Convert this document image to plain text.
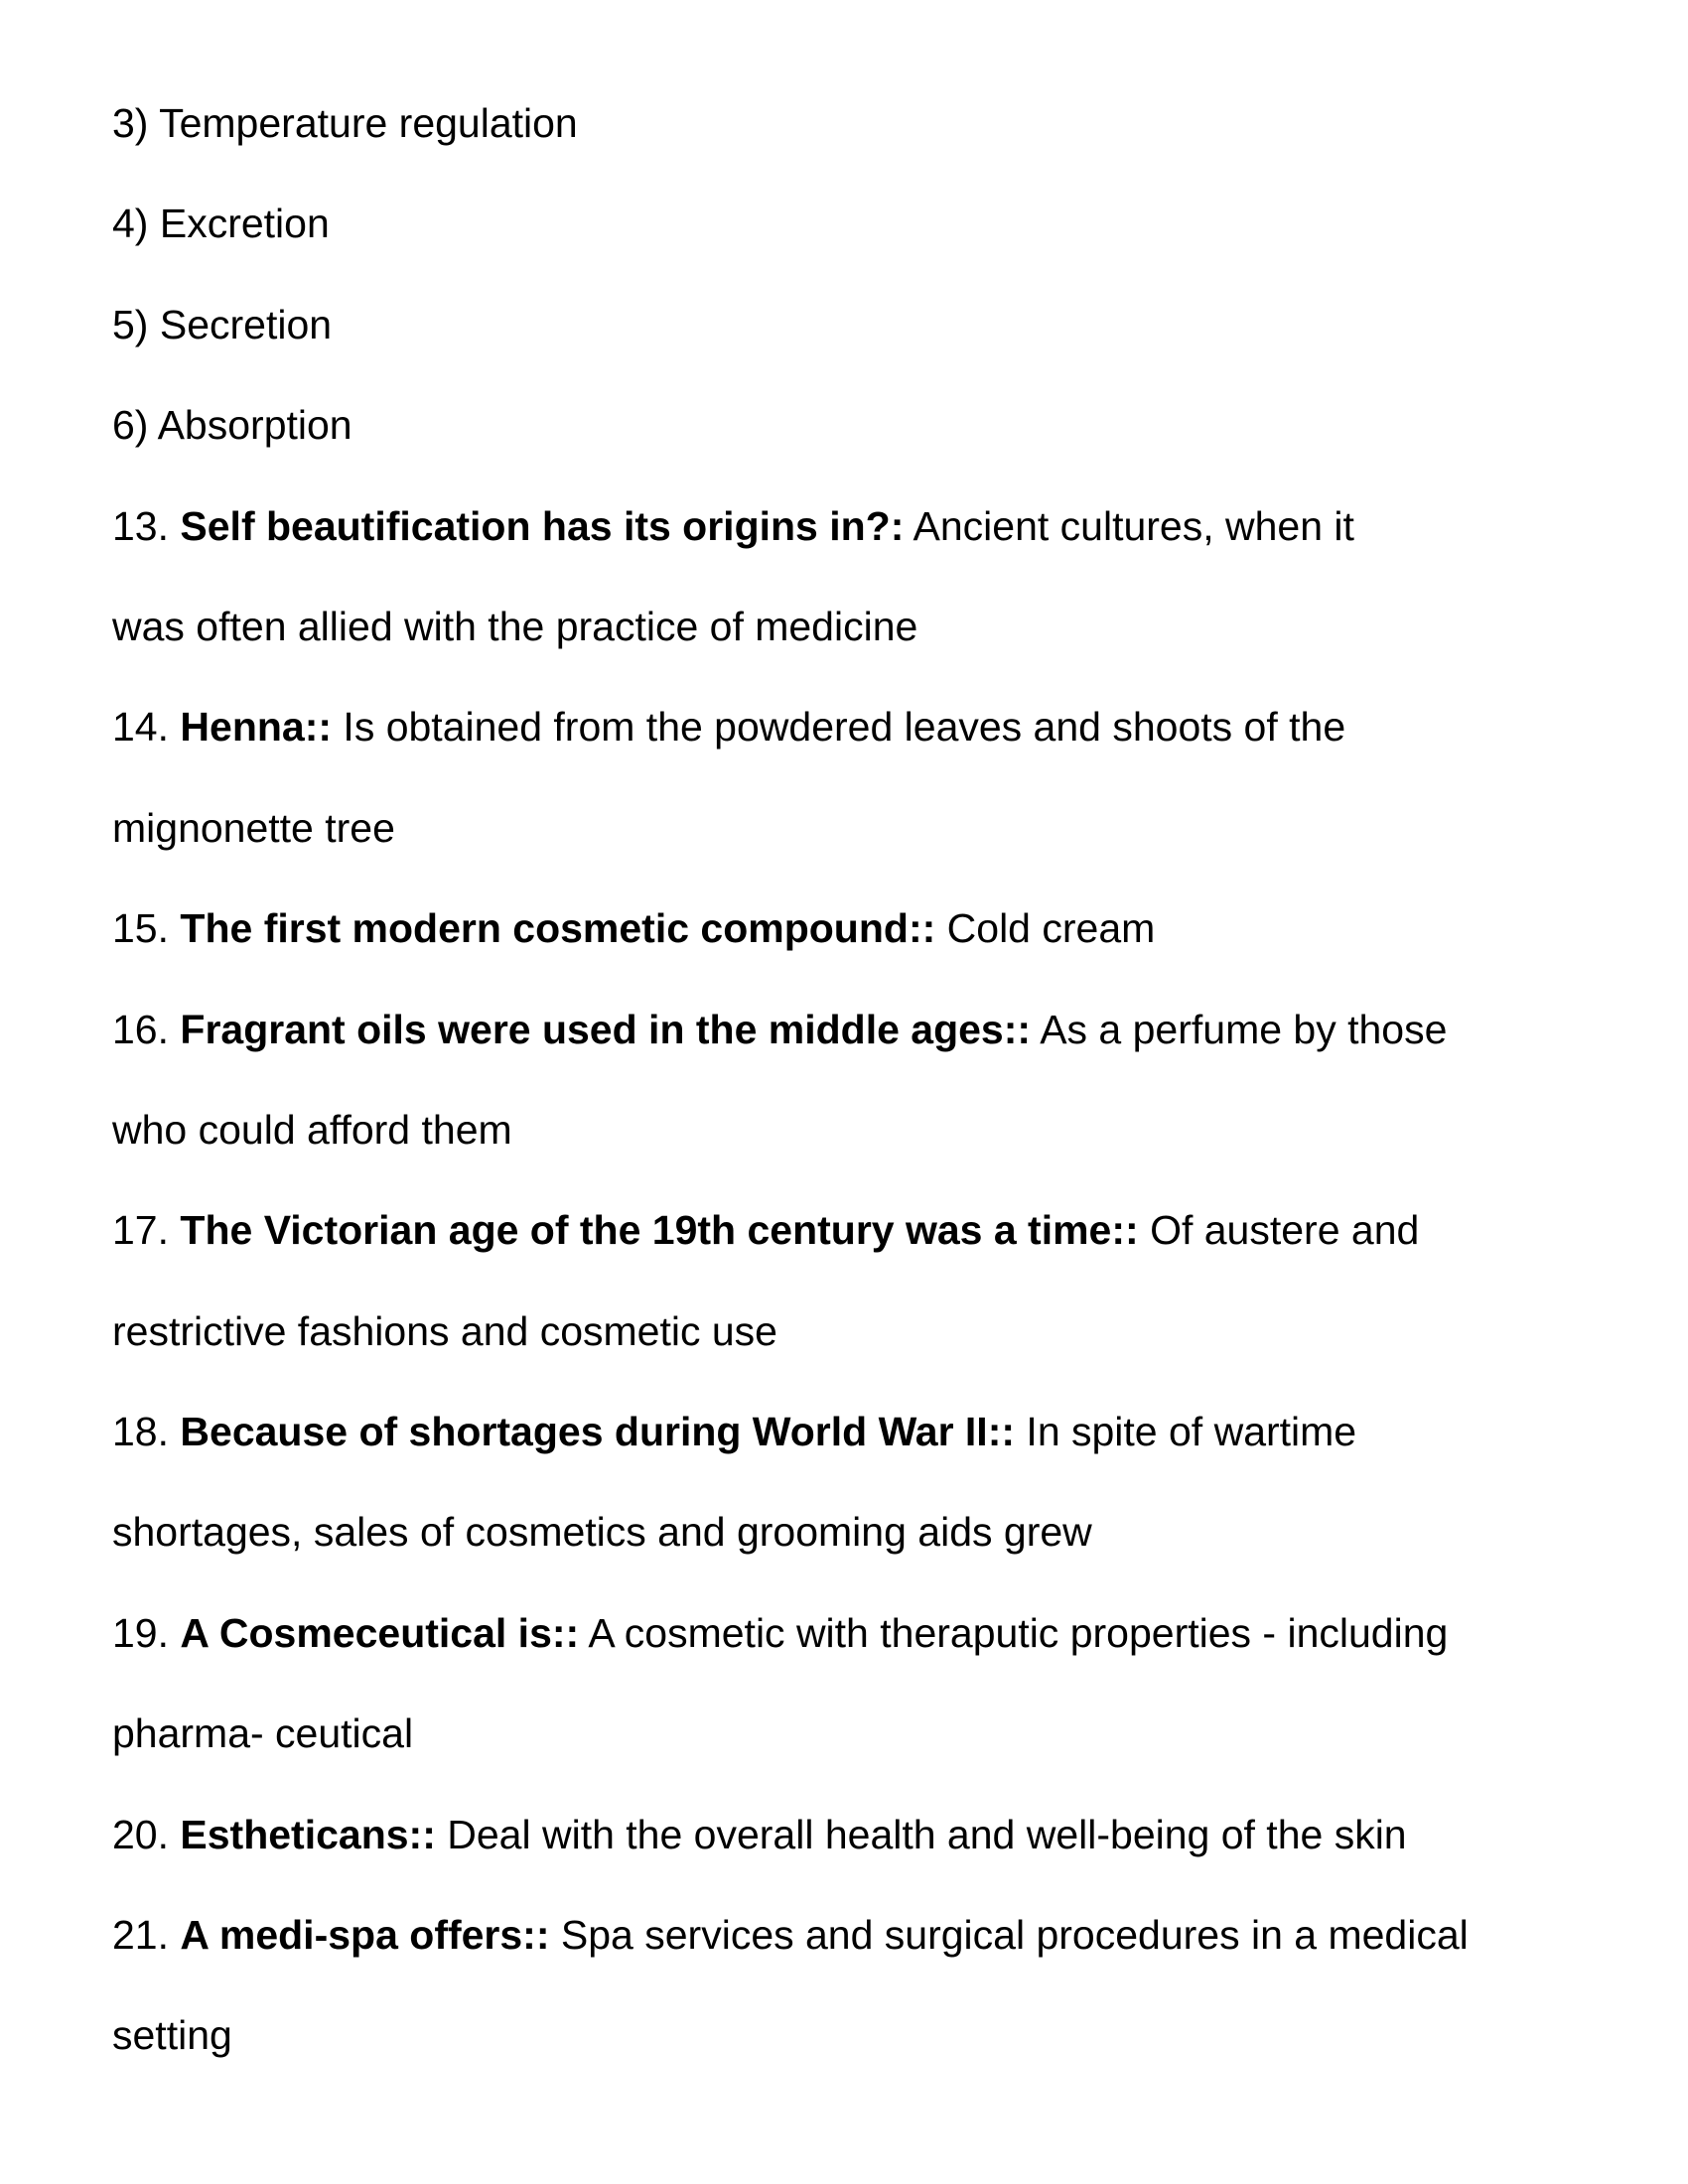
3) Temperature regulation
4) Excretion
5) Secretion
6) Absorption
13. Self beautification has its origins in?: Ancient cultures, when it
was often allied with the practice of medicine
14. Henna:: Is obtained from the powdered leaves and shoots of the
mignonette tree
15. The first modern cosmetic compound:: Cold cream
16. Fragrant oils were used in the middle ages:: As a perfume by those
who could afford them
17. The Victorian age of the 19th century was a time:: Of austere and
restrictive fashions and cosmetic use
18. Because of shortages during World War II:: In spite of wartime
shortages, sales of cosmetics and grooming aids grew
19. A Cosmeceutical is:: A cosmetic with theraputic properties - including
pharma- ceutical
20. Estheticans:: Deal with the overall health and well-being of the skin
21. A medi-spa offers:: Spa services and surgical procedures in a medical
setting
